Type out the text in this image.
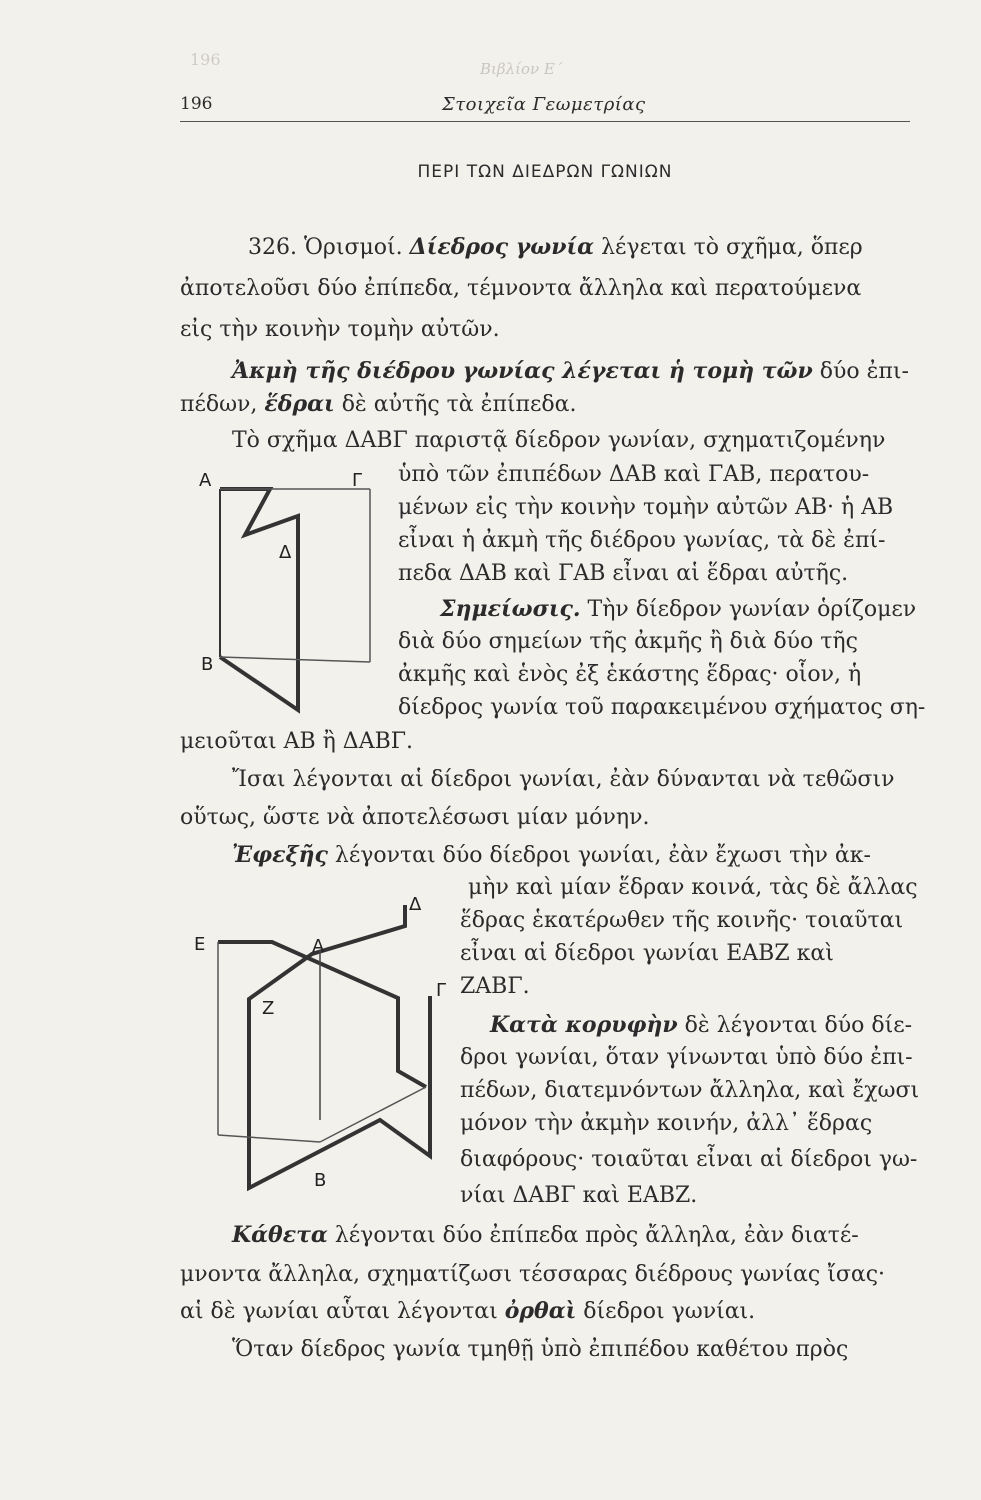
196	Βιβλίον Ε΄
196	Στοιχεῖα Γεωμετρίας
ΠΕΡΙ ΤΩΝ ΔΙΕΔΡΩΝ ΓΩΝΙΩΝ
326. Ὁρισμοί. Δίεδρος γωνία λέγεται τὸ σχῆμα, ὅπερ
ἀποτελοῦσι δύο ἐπίπεδα, τέμνοντα ἄλληλα καὶ περατούμενα
εἰς τὴν κοινὴν τομὴν αὐτῶν.
Ἀκμὴ τῆς διέδρου γωνίας λέγεται ἡ τομὴ τῶν δύο ἐπι-
πέδων, ἕδραι δὲ αὐτῆς τὰ ἐπίπεδα.
Τὸ σχῆμα ΔΑΒΓ παριστᾷ δίεδρον γωνίαν, σχηματιζομένην
A
Δ
B
Γ ὑπὸ τῶν ἐπιπέδων ΔΑΒ καὶ ΓΑΒ, περατου-
μένων εἰς τὴν κοινὴν τομὴν αὐτῶν ΑΒ· ἡ ΑΒ
εἶναι ἡ ἀκμὴ τῆς διέδρου γωνίας, τὰ δὲ ἐπί-
πεδα ΔΑΒ καὶ ΓΑΒ εἶναι αἱ ἕδραι αὐτῆς.
Σημείωσις. Τὴν δίεδρον γωνίαν ὁρίζομεν
διὰ δύο σημείων τῆς ἀκμῆς ἢ διὰ δύο τῆς
ἀκμῆς καὶ ἑνὸς ἐξ ἑκάστης ἕδρας· οἷον, ἡ
δίεδρος γωνία τοῦ παρακειμένου σχήματος ση-
μειοῦται ΑΒ ἢ ΔΑΒΓ.
Ἴσαι λέγονται αἱ δίεδροι γωνίαι, ἐὰν δύνανται νὰ τεθῶσιν
οὕτως, ὥστε νὰ ἀποτελέσωσι μίαν μόνην.
Ἐφεξῆς λέγονται δύο δίεδροι γωνίαι, ἐὰν ἔχωσι τὴν ἀκ-
E	A
Δ
Γ
Z
B
μὴν καὶ μίαν ἕδραν κοινά, τὰς δὲ ἄλλας
ἕδρας ἑκατέρωθεν τῆς κοινῆς· τοιαῦται
εἶναι αἱ δίεδροι γωνίαι ΕΑΒΖ καὶ
ΖΑΒΓ.
Κατὰ κορυφὴν δὲ λέγονται δύο δίε-
δροι γωνίαι, ὅταν γίνωνται ὑπὸ δύο ἐπι-
πέδων, διατεμνόντων ἄλληλα, καὶ ἔχωσι
μόνον τὴν ἀκμὴν κοινήν, ἀλλ᾽ ἕδρας
διαφόρους· τοιαῦται εἶναι αἱ δίεδροι γω-
νίαι ΔΑΒΓ καὶ ΕΑΒΖ.
Κάθετα λέγονται δύο ἐπίπεδα πρὸς ἄλληλα, ἐὰν διατέ-
μνοντα ἄλληλα, σχηματίζωσι τέσσαρας διέδρους γωνίας ἴσας·
αἱ δὲ γωνίαι αὗται λέγονται ὀρθαὶ δίεδροι γωνίαι.
Ὅταν δίεδρος γωνία τμηθῇ ὑπὸ ἐπιπέδου καθέτου πρὸς
